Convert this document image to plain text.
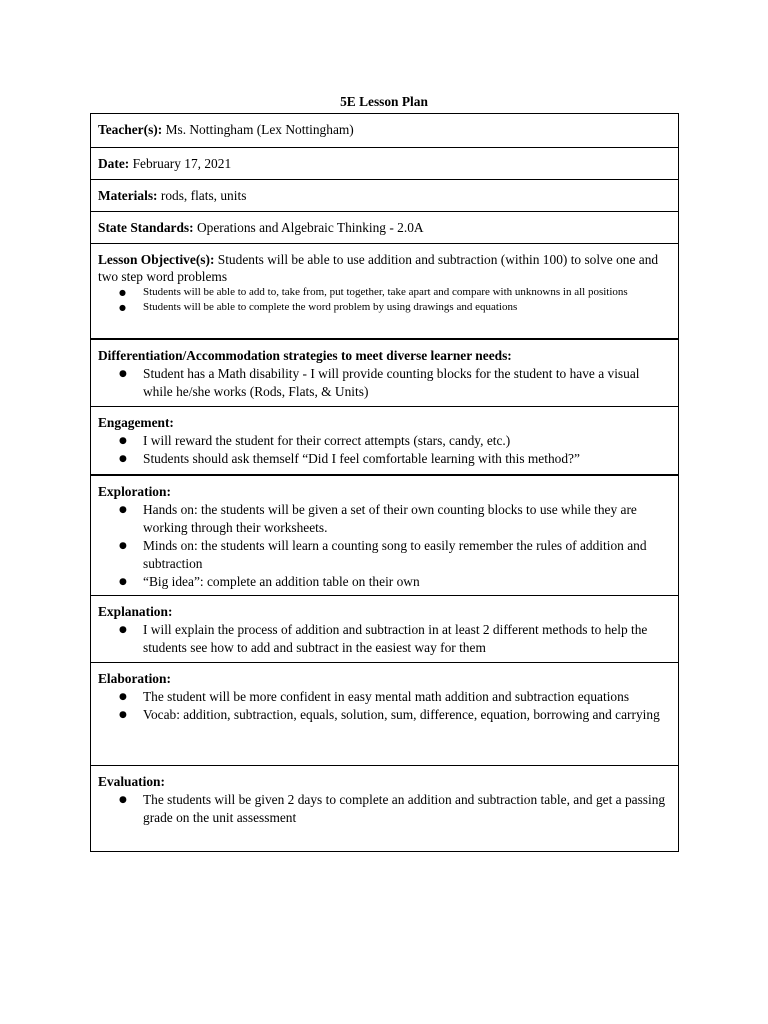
5E Lesson Plan
Teacher(s): Ms. Nottingham (Lex Nottingham)
Date: February 17, 2021
Materials: rods, flats, units
State Standards: Operations and Algebraic Thinking - 2.0A
Lesson Objective(s): Students will be able to use addition and subtraction (within 100) to solve one and two step word problems
● Students will be able to add to, take from, put together, take apart and compare with unknowns in all positions
● Students will be able to complete the word problem by using drawings and equations
Differentiation/Accommodation strategies to meet diverse learner needs:
● Student has a Math disability - I will provide counting blocks for the student to have a visual while he/she works (Rods, Flats, & Units)
Engagement:
● I will reward the student for their correct attempts (stars, candy, etc.)
● Students should ask themself “Did I feel comfortable learning with this method?”
Exploration:
● Hands on: the students will be given a set of their own counting blocks to use while they are working through their worksheets.
● Minds on: the students will learn a counting song to easily remember the rules of addition and subtraction
● “Big idea”: complete an addition table on their own
Explanation:
● I will explain the process of addition and subtraction in at least 2 different methods to help the students see how to add and subtract in the easiest way for them
Elaboration:
● The student will be more confident in easy mental math addition and subtraction equations
● Vocab: addition, subtraction, equals, solution, sum, difference, equation, borrowing and carrying
Evaluation:
● The students will be given 2 days to complete an addition and subtraction table, and get a passing grade on the unit assessment
